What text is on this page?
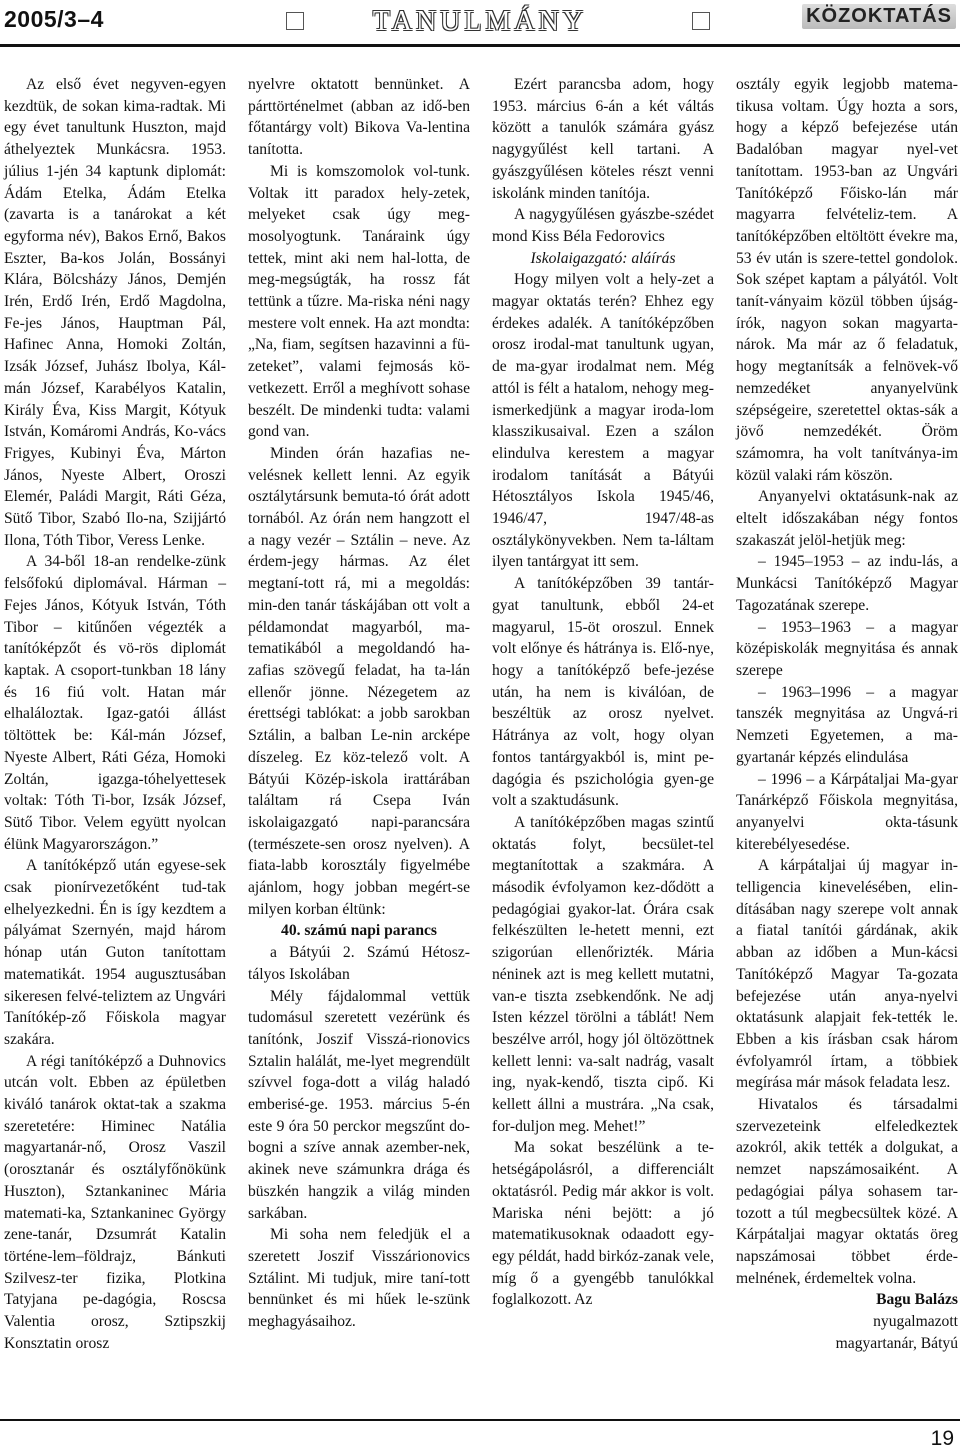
2005/3–4	TANULMÁNY	KÖZOKTATÁS

Az első évet negyven-egyen kezdtük, de sokan kima-radtak. Mi egy évet tanultunk Huszton, majd áthelyeztek Munkácsra. 1953. július 1-jén 34 kaptunk diplomát: Ádám Etelka, Ádám Etelka (zavarta is a tanárokat a két egyforma név), Bakos Ernő, Bakos Eszter, Ba-kos Jolán, Bossányi Klára, Bölcsházy János, Demjén Irén, Erdő Irén, Erdő Magdolna, Fe-jes János, Hauptman Pál, Hafinec Anna, Homoki Zoltán, Izsák József, Juhász Ibolya, Kál-mán József, Karabélyos Katalin, Király Éva, Kiss Margit, Kótyuk István, Komáromi András, Ko-vács Frigyes, Kubinyi Éva, Márton János, Nyeste Albert, Oroszi Elemér, Paládi Margit, Ráti Géza, Sütő Tibor, Szabó Ilo-na, Szijjártó Ilona, Tóth Tibor, Veress Lenke.

A 34-ből 18-an rendelke-zünk felsőfokú diplomával. Hárman – Fejes János, Kótyuk István, Tóth Tibor – kitűnően végezték a tanítóképzőt és vö-rös diplomát kaptak. A csoport-tunkban 18 lány és 16 fiú volt. Hatan már elhaláloztak. Igaz-gatói állást töltöttek be: Kál-mán József, Nyeste Albert, Ráti Géza, Homoki Zoltán, igazga-tóhelyettesek voltak: Tóth Ti-bor, Izsák József, Sütő Tibor. Velem együtt nyolcan élünk Magyarországon.”

A tanítóképző után egyese-sek csak pionírvezetőként tud-tak elhelyezkedni. Én is így kezdtem a pályámat Szernyén, majd három hónap után Guton tanítottam matematikát. 1954 augusztusában sikeresen felvé-teliztem az Ungvári Tanítókép-ző Főiskola magyar szakára.

A régi tanítóképző a Duhnovics utcán volt. Ebben az épületben kiváló tanárok oktat-tak a szakma szeretetére: Himinec Natália magyartanár-nő, Orosz Vaszil (orosztanár és osztályfőnökünk Huszton), Sztankaninec Mária matemati-ka, Sztankaninec György zene-tanár, Dzsumrát Katalin történe-lem–földrajz, Bánkuti Szilvesz-ter fizika, Plotkina Tatyjana pe-dagógia, Roscsa Valentia orosz, Sztipszkij Konsztatin orosz

nyelvre oktatott bennünket. A párttörténelmet (abban az idő-ben főtantárgy volt) Bikova Va-lentina tanította.

Mi is komszomolok vol-tunk. Voltak itt paradox hely-zetek, melyeket csak úgy meg-mosolyogtunk. Tanáraink úgy tettek, mint aki nem hal-lotta, de meg-megsúgták, ha rossz fát tettünk a tűzre. Ma-riska néni nagy mestere volt ennek. Ha azt mondta: „Na, fiam, segítsen hazavinni a fü-zeteket”, valami fejmosás kö-vetkezett. Erről a meghívott sohase beszélt. De mindenki tudta: valami gond van.

Minden órán hazafias ne-velésnek kellett lenni. Az egyik osztálytársunk bemuta-tó órát adott tornából. Az órán nem hangzott el a nagy vezér – Sztálin – neve. Az érdem-jegy hármas. Az élet megtaní-tott rá, mi a megoldás: min-den tanár táskájában ott volt a példamondat magyarból, ma-tematikából a megoldandó ha-zafias szövegű feladat, ha ta-lán ellenőr jönne. Nézegetem az érettségi tablókat: a jobb sarokban Sztálin, a balban Le-nin arcképe díszeleg. Ez köz-telező volt. A Bátyúi Közép-iskola irattárában találtam rá Csepa Iván iskolaigazgató napi-parancsára (természete-sen orosz nyelven). A fiata-labb korosztály figyelmébe ajánlom, hogy jobban megért-se milyen korban éltünk:

40. számú napi parancs

a Bátyúi 2. Számú Hétosz-tályos Iskolában

Mély fájdalommal vettük tudomásul szeretett vezérünk és tanítónk, Joszif Visszá-rionovics Sztalin halálát, me-lyet megrendült szívvel foga-dott a világ haladó emberisé-ge. 1953. március 5-én este 9 óra 50 perckor megszűnt do-bogni a szíve annak azember-nek, akinek neve számunkra drága és büszkén hangzik a világ minden sarkában.

Mi soha nem feledjük el a szeretett Joszif Visszárionovics Sztálint. Mi tudjuk, mire taní-tott bennünket és mi hűek le-szünk meghagyásaihoz.

Ezért parancsba adom, hogy 1953. március 6-án a két váltás között a tanulók számára gyász nagygyűlést kell tartani. A gyászgyűlésen köteles részt venni iskolánk minden tanítója.

A nagygyűlésen gyászbe-szédet mond Kiss Béla Fedorovics

Iskolaigazgató: aláírás

Hogy milyen volt a hely-zet a magyar oktatás terén? Ehhez egy érdekes adalék. A tanítóképzőben orosz irodal-mat tanultunk ugyan, de ma-gyar irodalmat nem. Még attól is félt a hatalom, nehogy meg-ismerkedjünk a magyar iroda-lom klasszikusaival. Ezen a szálon elindulva kerestem a magyar irodalom tanítását a Bátyúi Hétosztályos Iskola 1945/46, 1946/47, 1947/48-as osztálykönyvekben. Nem ta-láltam ilyen tantárgyat itt sem.

A tanítóképzőben 39 tantár-gyat tanultunk, ebből 24-et magyarul, 15-öt oroszul. Ennek volt előnye és hátránya is. Elő-nye, hogy a tanítóképző befe-jezése után, ha nem is kiválóan, de beszéltük az orosz nyelvet. Hátránya az volt, hogy olyan fontos tantárgyakból is, mint pe-dagógia és pszichológia gyen-ge volt a szaktudásunk.

A tanítóképzőben magas szintű oktatás folyt, becsület-tel megtanítottak a szakmára. A második évfolyamon kez-dődött a pedagógiai gyakor-lat. Órára csak felkészülten le-hetett menni, ezt szigorúan ellenőrizték. Mária néninek azt is meg kellett mutatni, van-e tiszta zsebkendőnk. Ne adj Isten kézzel törölni a táblát! Nem beszélve arról, hogy jól öltözöttnek kellett lenni: va-salt nadrág, vasalt ing, nyak-kendő, tiszta cipő. Ki kellett állni a mustrára. „Na csak, for-duljon meg. Mehet!”

Ma sokat beszélünk a te-hetségápolásról, a differenciált oktatásról. Pedig már akkor is volt. Mariska néni bejött: a jó matematikusoknak odaadott egy-egy példát, hadd birkóz-zanak vele, míg ő a gyengébb tanulókkal foglalkozott. Az

osztály egyik legjobb matema-tikusa voltam. Úgy hozta a sors, hogy a képző befejezése után Badalóban magyar nyel-vet tanítottam. 1953-ban az Ungvári Tanítóképző Főisko-lán már magyarra felvételiz-tem. A tanítóképzőben eltöltött évekre ma, 53 év után is szere-tettel gondolok. Sok szépet kaptam a pályától. Volt tanít-ványaim közül többen újság-írók, nagyon sokan magyarta-nárok. Ma már az ő feladatuk, hogy megtanítsák a felnövek-vő nemzedéket anyanyelvünk szépségeire, szeretettel oktas-sák a jövő nemzedékét. Öröm számomra, ha volt tanítványa-im közül valaki rám köszön.

Anyanyelvi oktatásunk-nak az eltelt időszakában négy fontos szakaszát jelöl-hetjük meg:

– 1945–1953 – az indu-lás, a Munkácsi Tanítóképző Magyar Tagozatának szerepe.

– 1953–1963 – a magyar középiskolák megnyitása és annak szerepe

– 1963–1996 – a magyar tanszék megnyitása az Ungvá-ri Nemzeti Egyetemen, a ma-gyartanár képzés elindulása

– 1996 – a Kárpátaljai Ma-gyar Tanárképző Főiskola megnyitása, anyanyelvi okta-tásunk kiterebélyesedése.

A kárpátaljai új magyar in-telligencia kinevelésében, elin-dításában nagy szerepe volt annak a fiatal tanítói gárdának, akik abban az időben a Mun-kácsi Tanítóképző Magyar Ta-gozata befejezése után anya-nyelvi oktatásunk alapjait fek-tették le. Ebben a kis írásban csak három évfolyamról írtam, a többiek megírása már mások feladata lesz.

Hivatalos és társadalmi szervezeteink elfeledkeztek azokról, akik tették a dolgukat, a nemzet napszámosaiként. A pedagógiai pálya sohasem tar-tozott a túl megbecsültek közé. A Kárpátaljai magyar oktatás öreg napszámosai többet érde-melnének, érdemeltek volna.

Bagu Balázs

nyugalmazott

magyartanár, Bátyú

19
